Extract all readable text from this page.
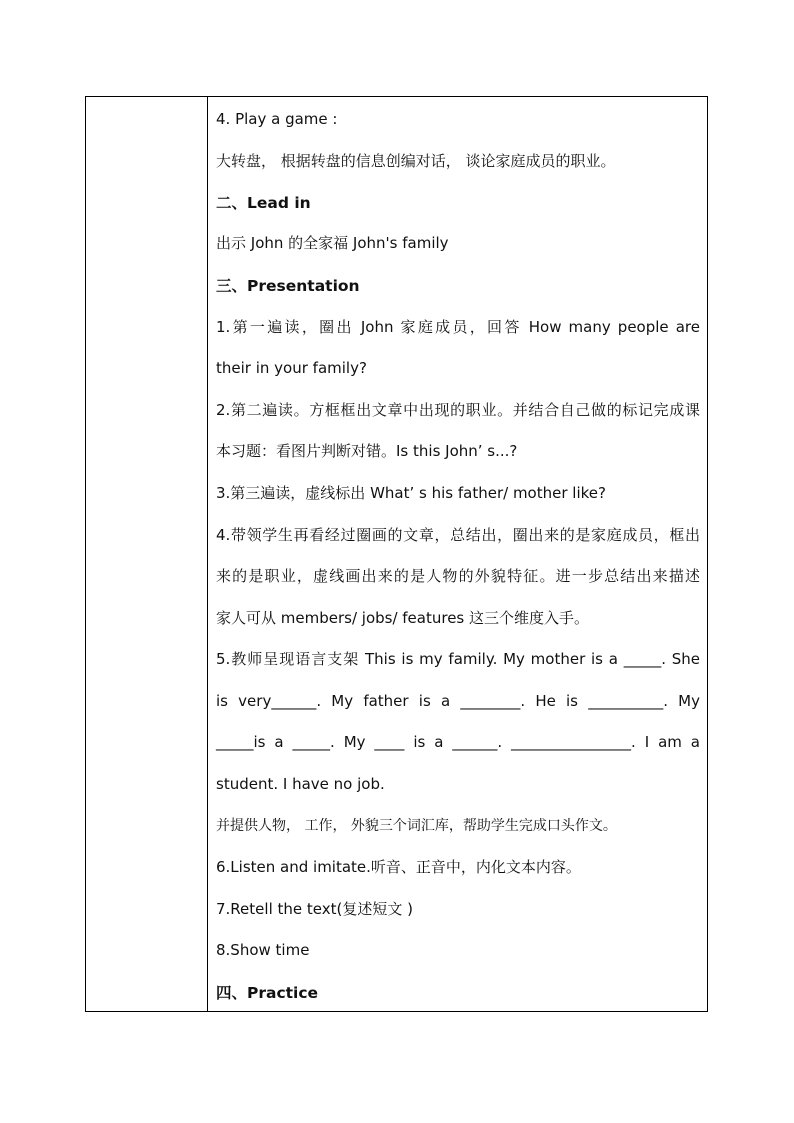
4. Play a game :
大转盘， 根据转盘的信息创编对话， 谈论家庭成员的职业。
二、Lead in
出示 John 的全家福 John's family
三、Presentation
1.第一遍读，圈出 John 家庭成员，回答 How many people are
their in your family?
2.第二遍读。方框框出文章中出现的职业。并结合自己做的标记完成课
本习题：看图片判断对错。Is this John’ s...?
3.第三遍读，虚线标出 What’ s his father/ mother like?
4.带领学生再看经过圈画的文章，总结出，圈出来的是家庭成员，框出
来的是职业，虚线画出来的是人物的外貌特征。进一步总结出来描述
家人可从 members/ jobs/ features 这三个维度入手。
5.教师呈现语言支架 This is my family. My mother is a _____. She
is very______. My father is a ________. He is __________. My
_____is a _____. My ____ is a ______. ________________. I am a
student. I have no job.
并提供人物， 工作， 外貌三个词汇库，帮助学生完成口头作文。
6.Listen and imitate.听音、正音中，内化文本内容。
7.Retell the text(复述短文 )
8.Show time
四、Practice
